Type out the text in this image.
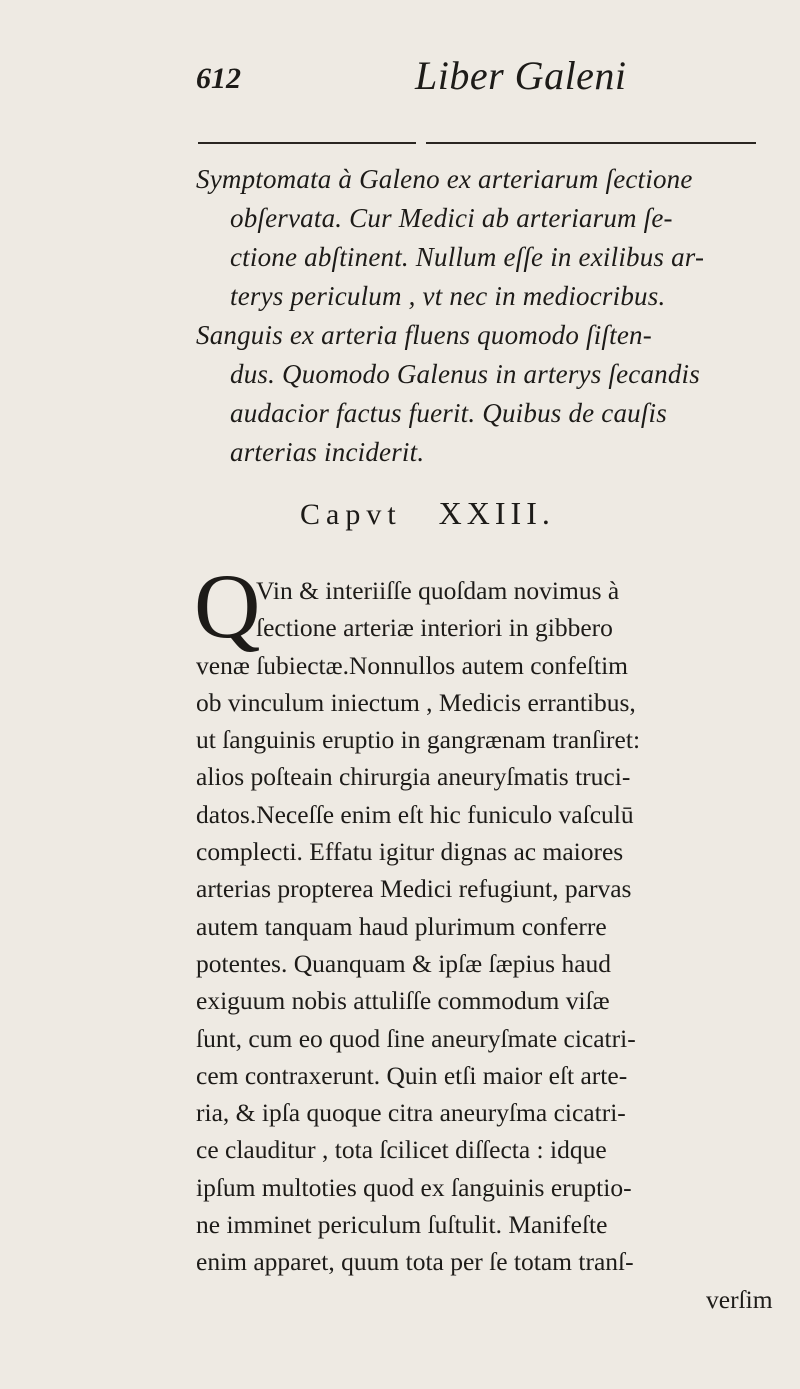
612	Liber Galeni
Symptomata à Galeno ex arteriarum ſectione
obſervata. Cur Medici ab arteriarum ſe-
ctione abſtinent. Nullum eſſe in exilibus ar-
terys periculum , vt nec in mediocribus.
Sanguis ex arteria fluens quomodo ſiſten-
dus. Quomodo Galenus in arterys ſecandis
audacior factus fuerit. Quibus de cauſis
arterias inciderit.
Capvt XXIII.
Q
Vin & interiiſſe quoſdam novimus à
ſectione arteriæ interiori in gibbero
venæ ſubiectæ.Nonnullos autem confeſtim
ob vinculum iniectum , Medicis errantibus,
ut ſanguinis eruptio in gangrænam tranſiret:
alios poſteain chirurgia aneuryſmatis truci-
datos.Neceſſe enim eſt hic funiculo vaſculū
complecti. Effatu igitur dignas ac maiores
arterias propterea Medici refugiunt, parvas
autem tanquam haud plurimum conferre
potentes. Quanquam & ipſæ ſæpius haud
exiguum nobis attuliſſe commodum viſæ
ſunt, cum eo quod ſine aneuryſmate cicatri-
cem contraxerunt. Quin etſi maior eſt arte-
ria, & ipſa quoque citra aneuryſma cicatri-
ce clauditur , tota ſcilicet diſſecta : idque
ipſum multoties quod ex ſanguinis eruptio-
ne imminet periculum ſuſtulit. Manifeſte
enim apparet, quum tota per ſe totam tranſ-
verſim
